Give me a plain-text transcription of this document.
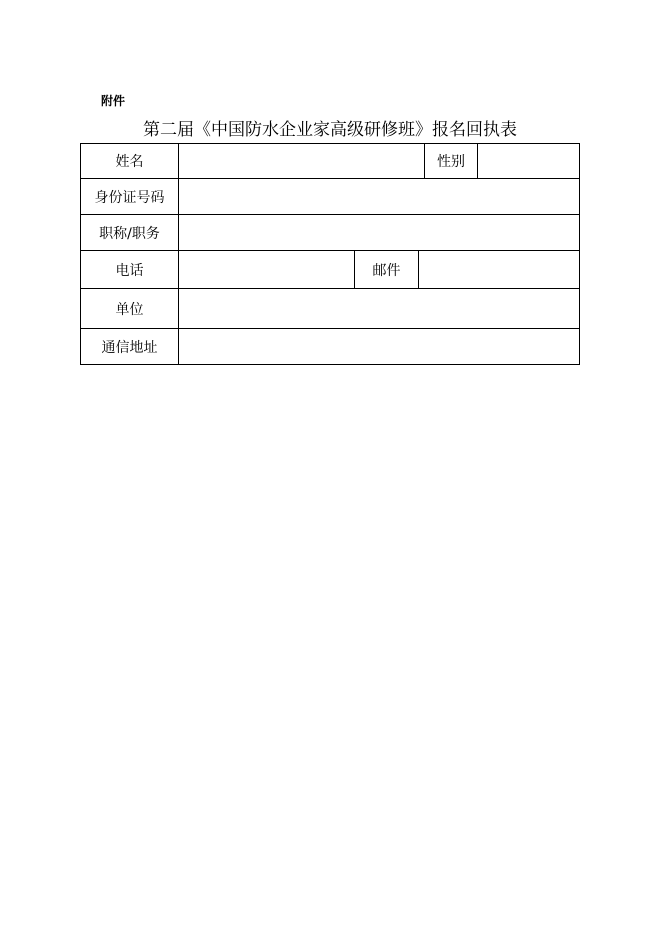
附件
第二届《中国防水企业家高级研修班》报名回执表
姓名	性别
身份证号码
职称/职务
电话	邮件
单位
通信地址
